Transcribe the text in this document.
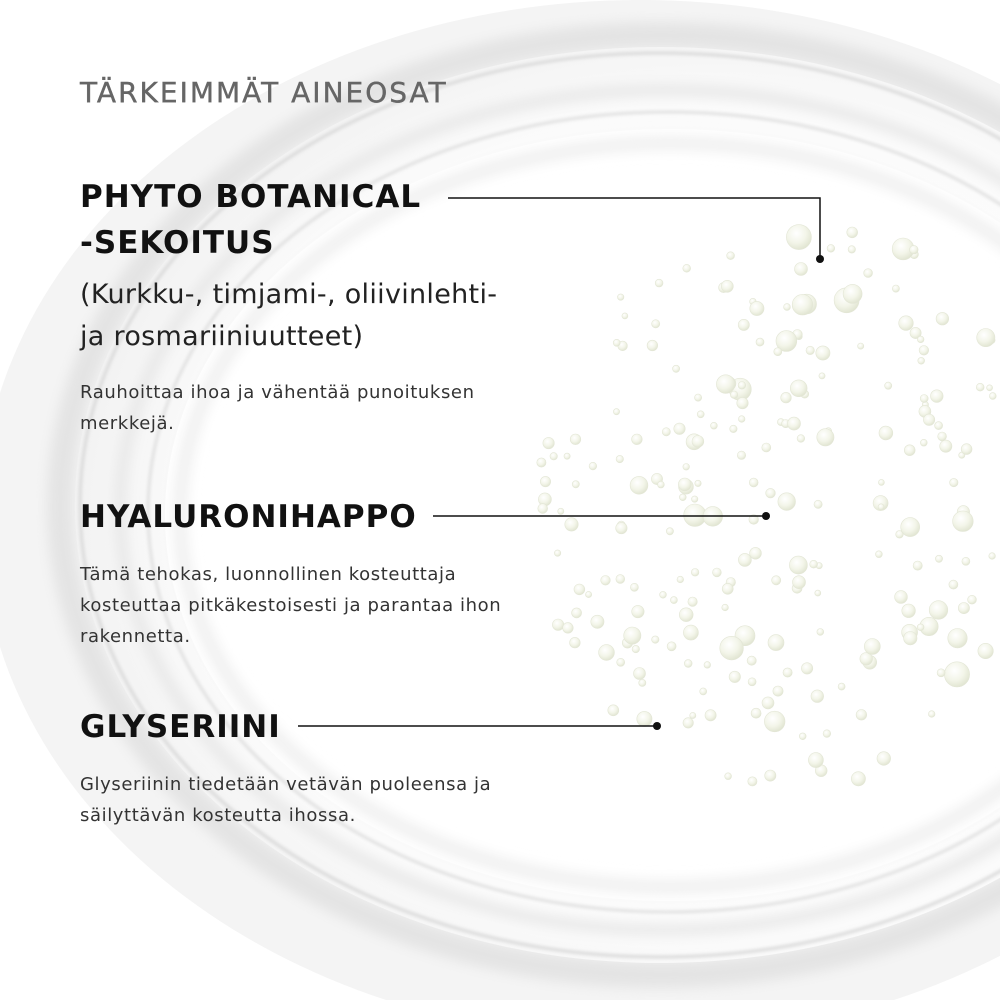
TÄRKEIMMÄT AINEOSAT
PHYTO BOTANICAL
-SEKOITUS
(Kurkku-, timjami-, oliivinlehti-
ja rosmariiniuutteet)
Rauhoittaa ihoa ja vähentää punoituksen
merkkejä.
HYALURONIHAPPO
Tämä tehokas, luonnollinen kosteuttaja
kosteuttaa pitkäkestoisesti ja parantaa ihon
rakennetta.
GLYSERIINI
Glyseriinin tiedetään vetävän puoleensa ja
säilyttävän kosteutta ihossa.
